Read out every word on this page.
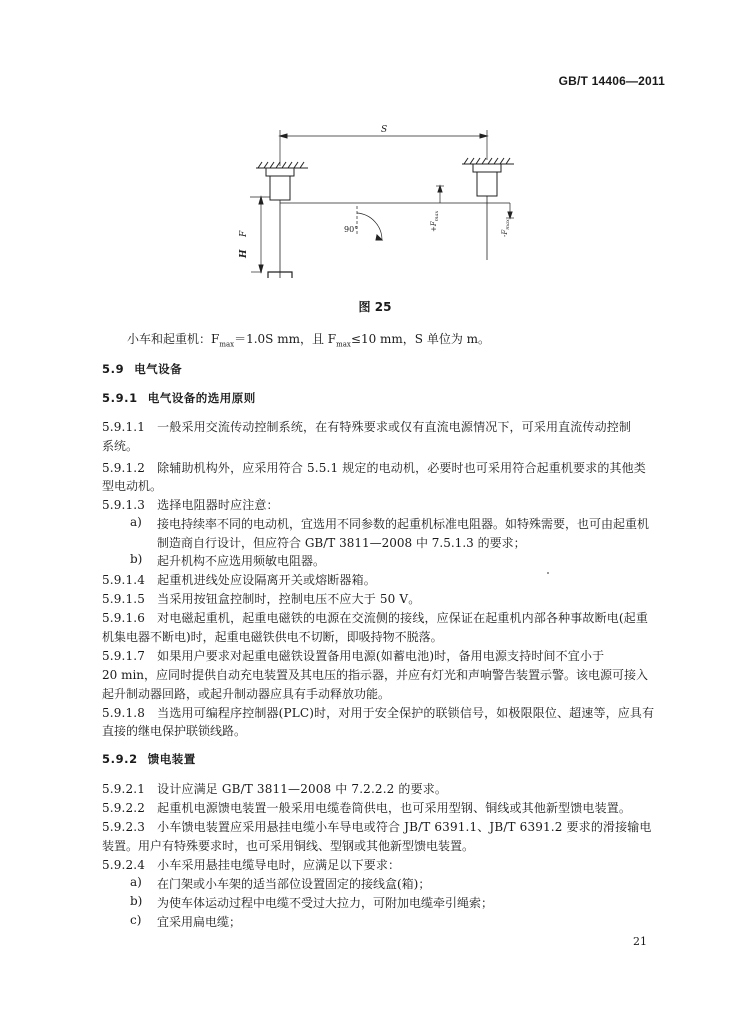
GB/T 14406—2011
S
90°
F
H
$+F_{max}$
$-F_{max}$
图 25
小车和起重机：$F_{max}=1.0S$ mm，且 $F_{max}\le 10$ mm，S 单位为 m。
5.9 电气设备
5.9.1 电气设备的选用原则
5.9.1.1　一般采用交流传动控制系统，在有特殊要求或仅有直流电源情况下，可采用直流传动控制
系统。
5.9.1.2　除辅助机构外，应采用符合 5.5.1 规定的电动机，必要时也可采用符合起重机要求的其他类
型电动机。
5.9.1.3　选择电阻器时应注意：
a) 接电持续率不同的电动机，宜选用不同参数的起重机标准电阻器。如特殊需要，也可由起重机
制造商自行设计，但应符合 GB/T 3811—2008 中 7.5.1.3 的要求；
b) 起升机构不应选用频敏电阻器。
5.9.1.4　起重机进线处应设隔离开关或熔断器箱。
5.9.1.5　当采用按钮盒控制时，控制电压不应大于 50 V。
5.9.1.6　对电磁起重机，起重电磁铁的电源在交流侧的接线，应保证在起重机内部各种事故断电(起重
机集电器不断电)时，起重电磁铁供电不切断，即吸持物不脱落。
5.9.1.7　如果用户要求对起重电磁铁设置备用电源(如蓄电池)时，备用电源支持时间不宜小于
20 min，应同时提供自动充电装置及其电压的指示器，并应有灯光和声响警告装置示警。该电源可接入
起升制动器回路，或起升制动器应具有手动释放功能。
5.9.1.8　当选用可编程序控制器(PLC)时，对用于安全保护的联锁信号，如极限限位、超速等，应具有
直接的继电保护联锁线路。
5.9.2 馈电装置
5.9.2.1　设计应满足 GB/T 3811—2008 中 7.2.2.2 的要求。
5.9.2.2　起重机电源馈电装置一般采用电缆卷筒供电，也可采用型钢、铜线或其他新型馈电装置。
5.9.2.3　小车馈电装置应采用悬挂电缆小车导电或符合 JB/T 6391.1、JB/T 6391.2 要求的滑接输电
装置。用户有特殊要求时，也可采用铜线、型钢或其他新型馈电装置。
5.9.2.4　小车采用悬挂电缆导电时，应满足以下要求：
a) 在门架或小车架的适当部位设置固定的接线盒(箱)；
b) 为使车体运动过程中电缆不受过大拉力，可附加电缆牵引绳索；
c) 宜采用扁电缆；
21
